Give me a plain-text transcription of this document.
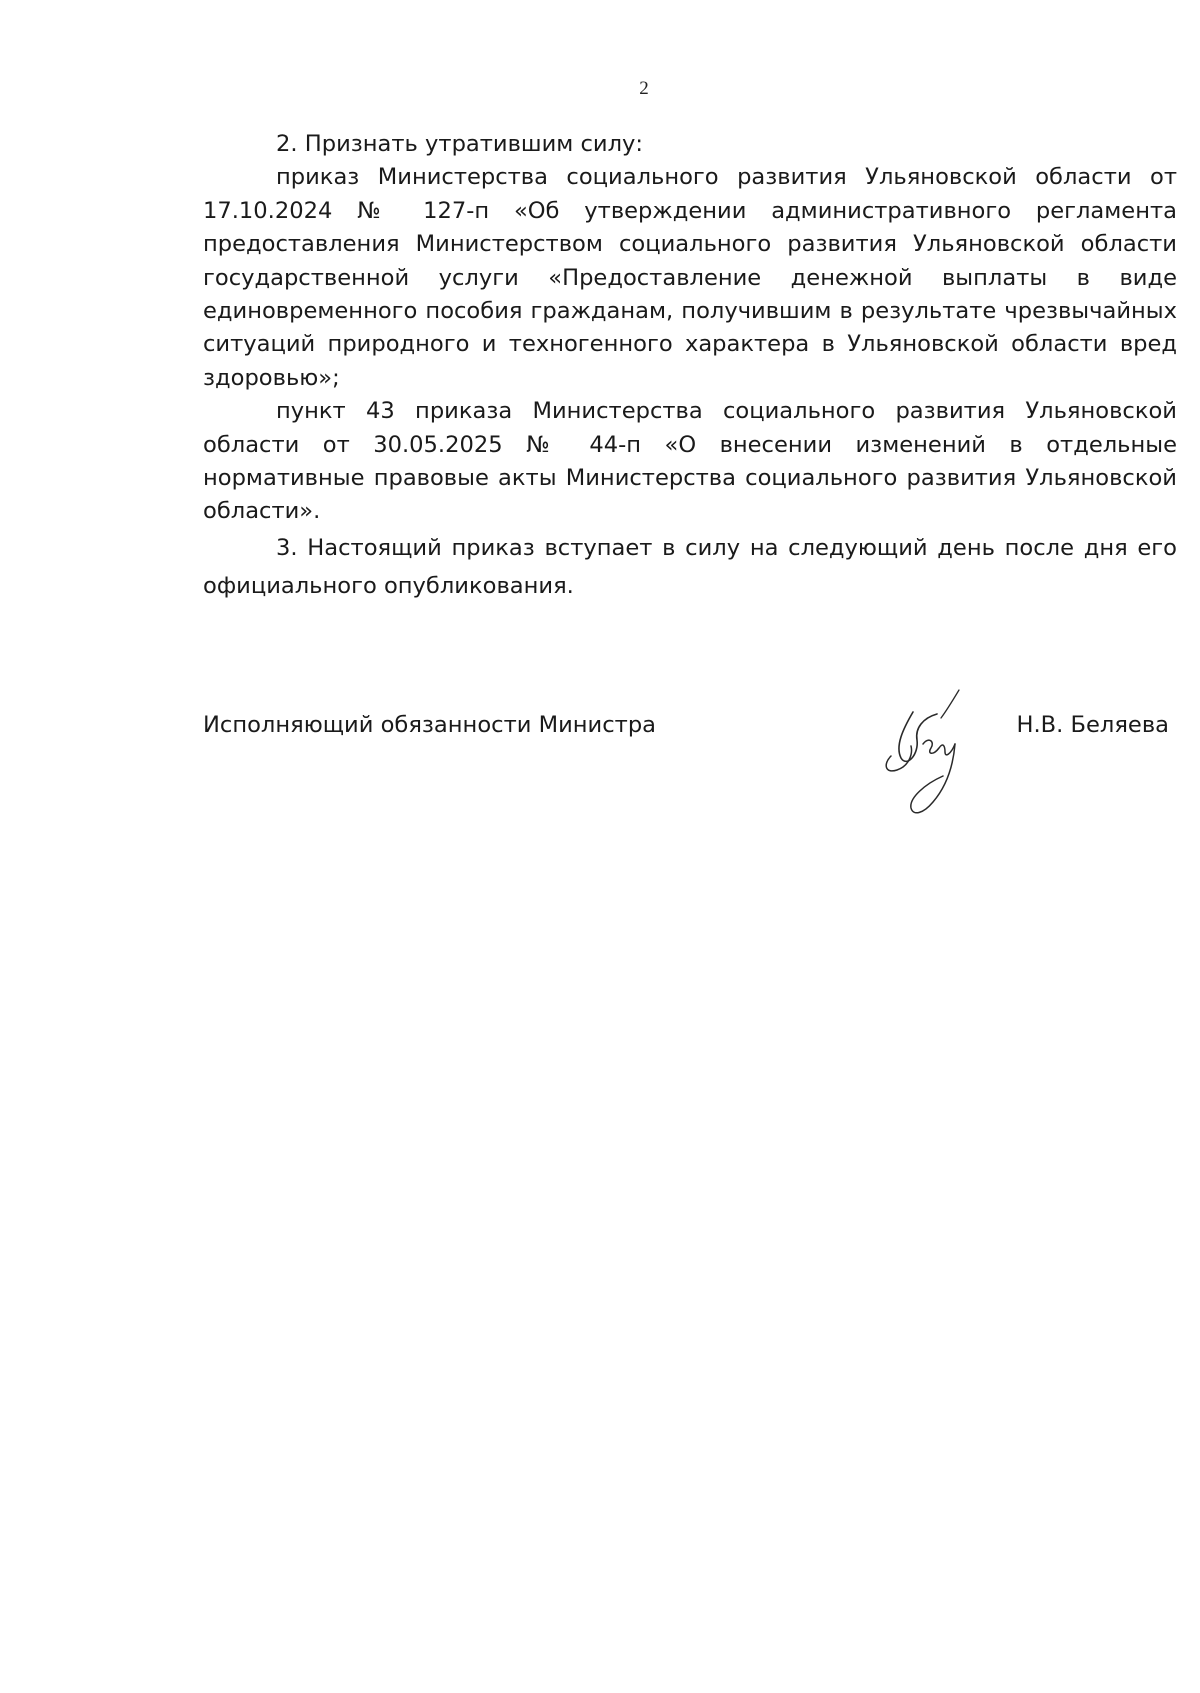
2

2. Признать утратившим силу:

приказ Министерства социального развития Ульяновской области от 17.10.2024 № 127-п «Об утверждении административного регламента предоставления Министерством социального развития Ульяновской области государственной услуги «Предоставление денежной выплаты в виде единовременного пособия гражданам, получившим в результате чрезвычайных ситуаций природного и техногенного характера в Ульяновской области вред здоровью»;

пункт 43 приказа Министерства социального развития Ульяновской области от 30.05.2025 № 44-п «О внесении изменений в отдельные нормативные правовые акты Министерства социального развития Ульяновской области».

3. Настоящий приказ вступает в силу на следующий день после дня его официального опубликования.

Исполняющий обязанности Министра	Н.В. Беляева
